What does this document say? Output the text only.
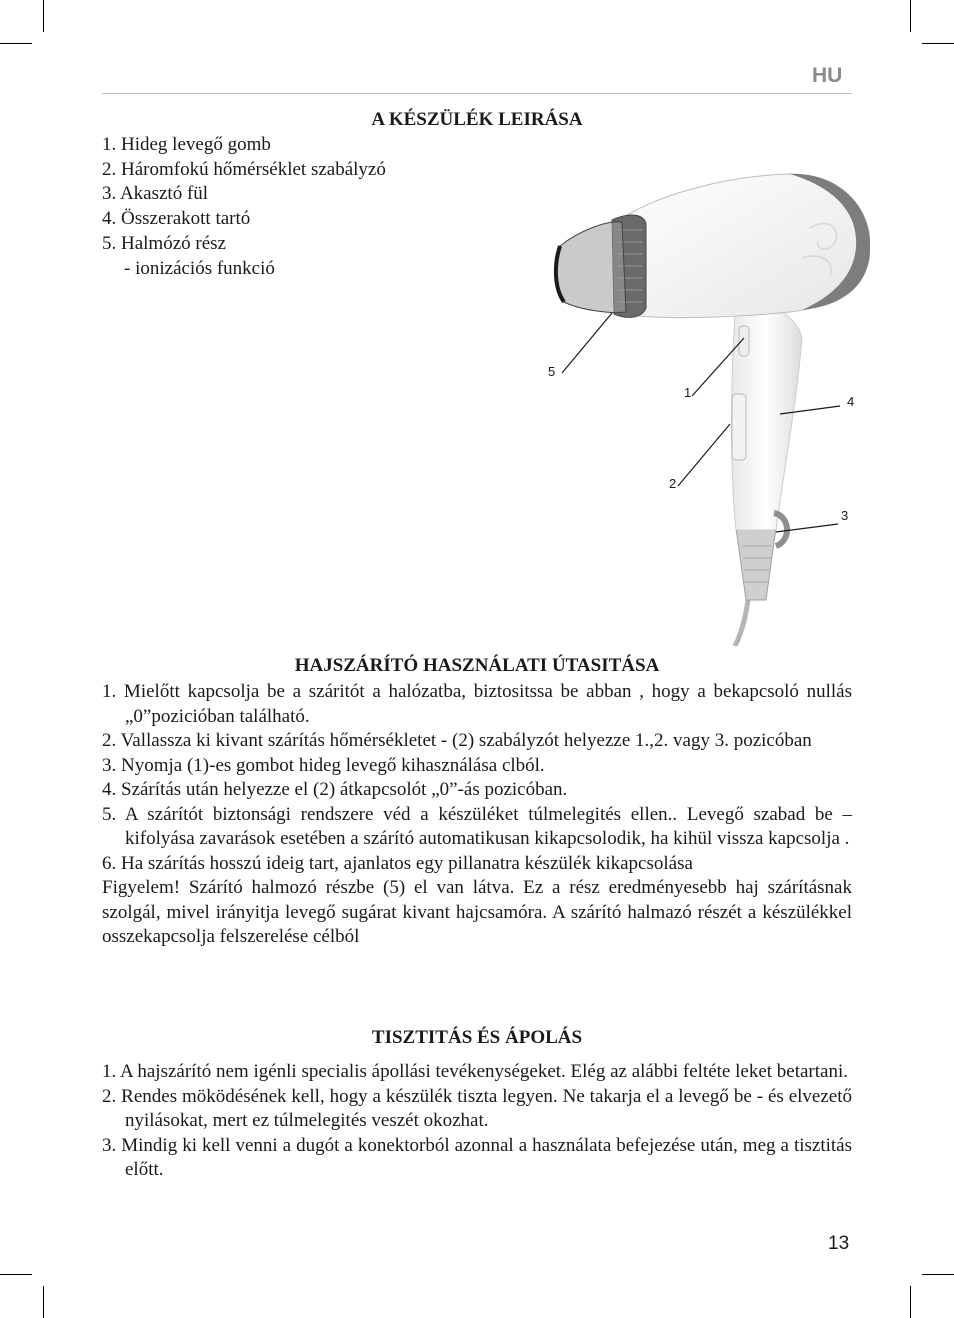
HU
A KÉSZÜLÉK LEIRÁSA
1. Hideg levegő gomb
2. Háromfokú hőmérséklet szabályzó
3. Akasztó fül
4. Összerakott tartó
5. Halmózó rész
- ionizációs funkció
5
1
4
2
3
HAJSZÁRÍTÓ HASZNÁLATI ÚTASITÁSA
1. Mielőtt kapcsolja be a száritót a halózatba, biztositssa be abban , hogy a bekapcsoló nullás „0”pozicióban található.
2. Vallassza ki kivant szárítás hőmérsékletet - (2) szabályzót helyezze 1.,2. vagy 3. pozicóban
3. Nyomja (1)-es gombot hideg levegő kihasználása clból.
4. Szárítás után helyezze el (2) átkapcsolót „0”-ás pozicóban.
5. A szárítót biztonsági rendszere véd a készüléket túlmelegités ellen.. Levegő szabad be – kifolyása zavarások esetében a szárító automatikusan kikapcsolodik, ha kihül vissza kapcsolja .
6. Ha szárítás hosszú ideig tart, ajanlatos egy pillanatra készülék kikapcsolása
Figyelem! Szárító halmozó részbe (5) el van látva. Ez a rész eredményesebb haj szárításnak szolgál, mivel irányitja levegő sugárat kivant hajcsamóra. A szárító halmazó részét a készülékkel osszekapcsolja felszerelése célból
TISZTITÁS ÉS ÁPOLÁS
1. A hajszárító nem igénli specialis ápollási tevékenységeket. Elég az alábbi feltéte leket betartani.
2. Rendes möködésének kell, hogy a készülék tiszta legyen. Ne takarja el a levegő be - és elvezető nyilásokat, mert ez túlmelegités veszét okozhat.
3. Mindig ki kell venni a dugót a konektorból azonnal a használata befejezése után, meg a tisztitás előtt.
13
